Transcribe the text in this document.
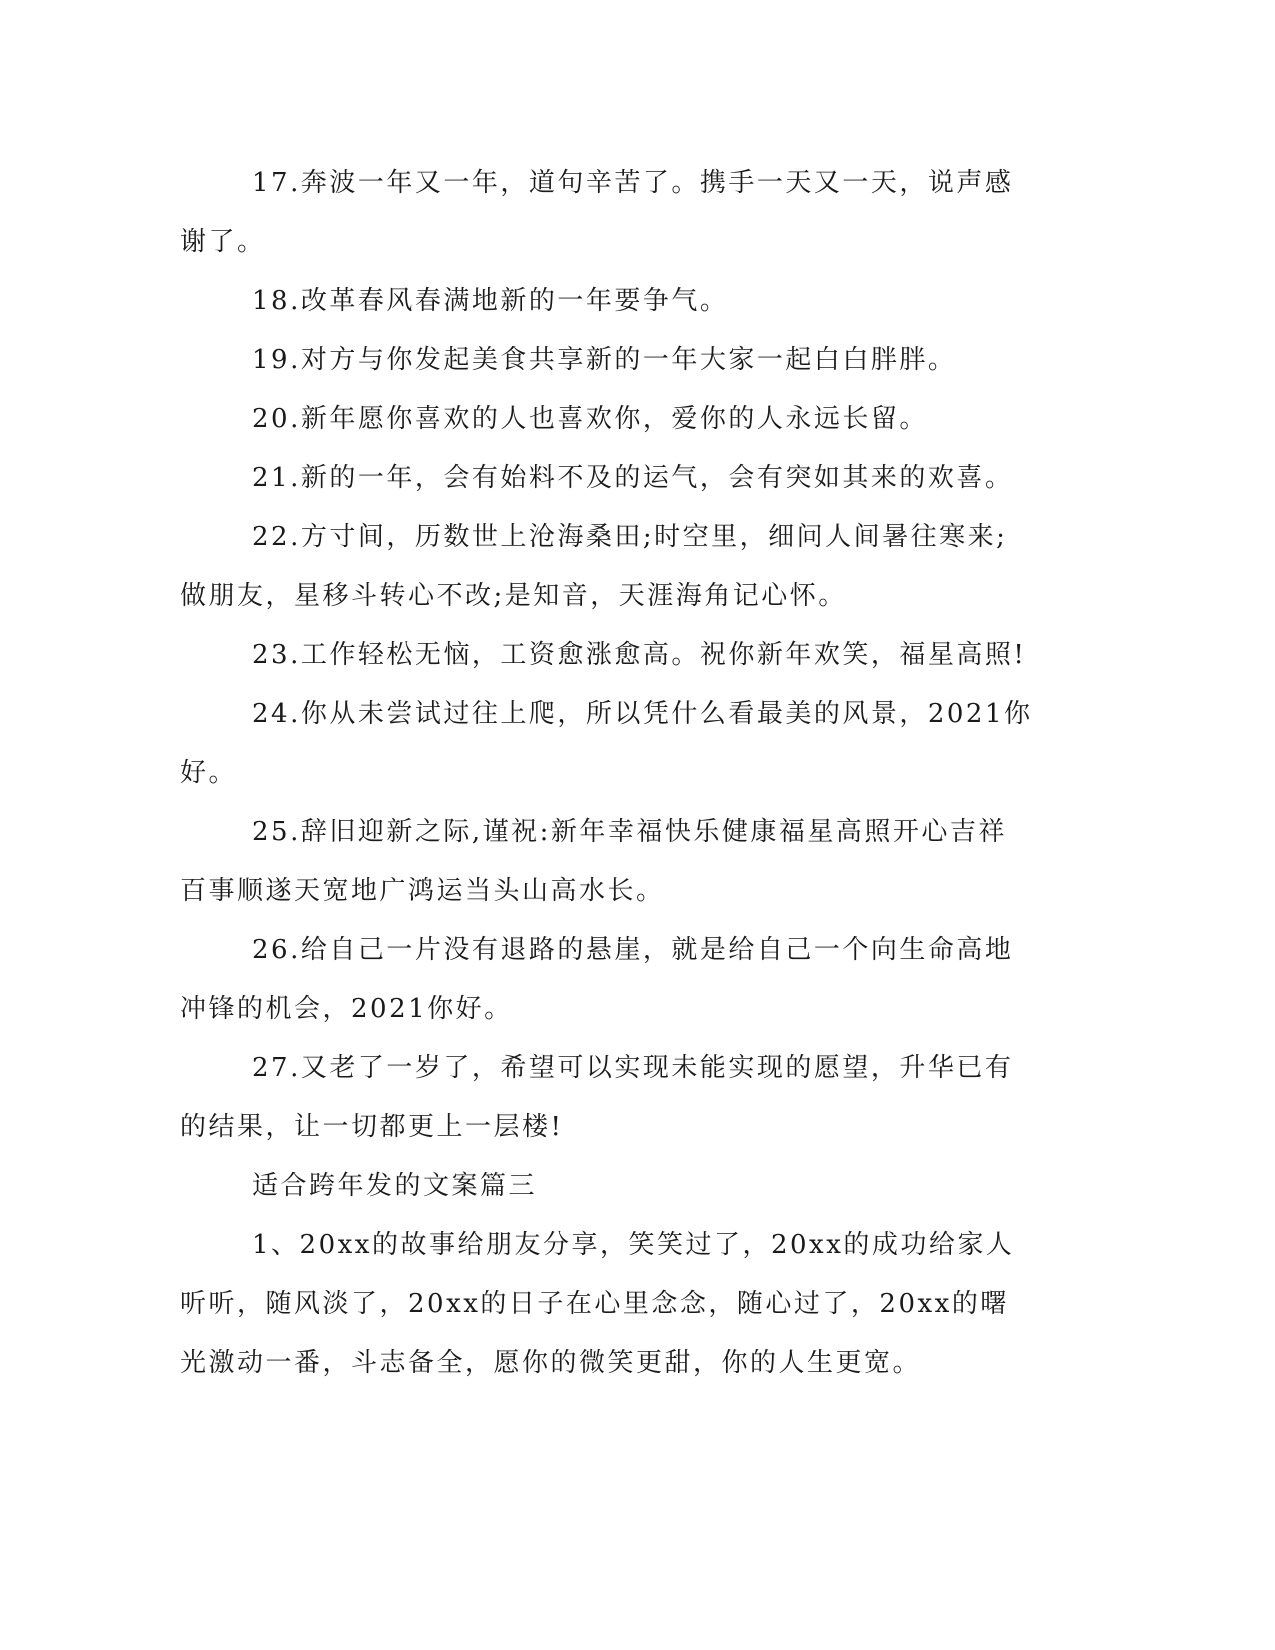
17.奔波一年又一年，道句辛苦了。携手一天又一天，说声感谢了。

18.改革春风春满地新的一年要争气。

19.对方与你发起美食共享新的一年大家一起白白胖胖。

20.新年愿你喜欢的人也喜欢你，爱你的人永远长留。

21.新的一年，会有始料不及的运气，会有突如其来的欢喜。

22.方寸间，历数世上沧海桑田;时空里，细问人间暑往寒来;做朋友，星移斗转心不改;是知音，天涯海角记心怀。

23.工作轻松无恼，工资愈涨愈高。祝你新年欢笑，福星高照!

24.你从未尝试过往上爬，所以凭什么看最美的风景，2021你好。

25.辞旧迎新之际,谨祝:新年幸福快乐健康福星高照开心吉祥百事顺遂天宽地广鸿运当头山高水长。

26.给自己一片没有退路的悬崖，就是给自己一个向生命高地冲锋的机会，2021你好。

27.又老了一岁了，希望可以实现未能实现的愿望，升华已有的结果，让一切都更上一层楼!

适合跨年发的文案篇三

1、20xx的故事给朋友分享，笑笑过了，20xx的成功给家人听听，随风淡了，20xx的日子在心里念念，随心过了，20xx的曙光激动一番，斗志备全，愿你的微笑更甜，你的人生更宽。
